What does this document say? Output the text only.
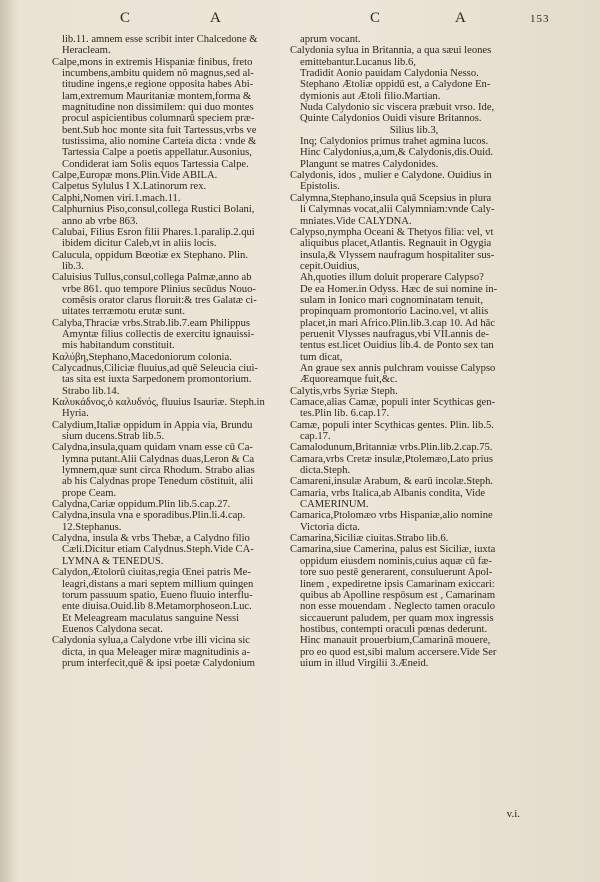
C	A	C	A	153

lib.11. amnem esse scribit inter Chalcedone &

Heracleam.

Calpe,mons in extremis Hispaniæ finibus, freto

incumbens,ambitu quidem nõ magnus,sed al-

titudine ingens,e regione opposita habes Abi-

lam,extremum Mauritaniæ montem,forma &

magnitudine non dissimilem: qui duo montes

procul aspicientibus columnarū speciem præ-

bent.Sub hoc monte sita fuit Tartessus,vrbs ve

tustissima, alio nomine Carteia dicta : vnde &

Tartessia Calpe a poetis appellatur.Ausonius,

Condiderat iam Solis equos Tartessia Calpe.

Calpe,Europæ mons.Plin.Vide ABILA.

Calpetus Sylulus I X.Latinorum rex.

Calphi,Nomen viri.1.mach.11.

Calphurnius Piso,consul,collega Rustici Bolani,

anno ab vrbe 863.

Calubai, Filius Esron filii Phares.1.paralip.2.qui

ibidem dicitur Caleb,vt in aliis locis.

Calucula, oppidum Bœotiæ ex Stephano. Plin.

lib.3.

Caluisius Tullus,consul,collega Palmæ,anno ab

vrbe 861. quo tempore Plinius secūdus Nouo-

comēsis orator clarus floruit:& tres Galatæ ci-

uitates terræmotu erutæ sunt.

Calyba,Thraciæ vrbs.Strab.lib.7.eam Philippus

Amyntæ filius collectis de exercitu ignauissi-

mis habitandum constituit.

Καλύβη,Stephano,Macedoniorum colonia.

Calycadnus,Ciliciæ fluuius,ad quē Seleucia ciui-

tas sita est iuxta Sarpedonem promontorium.

Strabo lib.14.

Καλυκάδνος,ὁ καλυδνός, fluuius Isauriæ. Steph.in

Hyria.

Calydium,Italiæ oppidum in Appia via, Brundu

sium ducens.Strab lib.5.

Calydna,insula,quam quidam vnam esse cū Ca-

lymna putant.Alii Calydnas duas,Leron & Ca

lymnem,quæ sunt circa Rhodum. Strabo alias

ab his Calydnas prope Tenedum cōstituit, alii

prope Ceam.

Calydna,Cariæ oppidum.Plin lib.5.cap.27.

Calydna,insula vna e sporadibus.Plin.li.4.cap.

12.Stephanus.

Calydna, insula & vrbs Thebæ, a Calydno filio

Cæli.Dicitur etiam Calydnus.Steph.Vide CA-

LYMNA & TENEDUS.

Calydon,Ætolorū ciuitas,regia Œnei patris Me-

leagri,distans a mari septem millium quingen

torum passuum spatio, Eueno fluuio interflu-

ente diuisa.Ouid.lib 8.Metamorphoseon.Luc.

Et Meleagream maculatus sanguine Nessi

Euenos Calydona secat.

Calydonia sylua,a Calydone vrbe illi vicina sic

dicta, in qua Meleager miræ magnitudinis a-

prum interfecit,quē & ipsi poetæ Calydonium

aprum vocant.

Calydonia sylua in Britannia, a qua sæui leones

emittebantur.Lucanus lib.6,

Tradidit Aonio pauidam Calydonia Nesso.

Stephano Ætoliæ oppidū est, a Calydone En-

dymionis aut Ætoli filio.Martian.

Nuda Calydonio sic viscera præbuit vrso. Ide,

Quinte Calydonios Ouidi visure Britannos.

Silius lib.3,

Inq; Calydonios primus trahet agmina lucos.

Hinc Calydonius,a,um,& Calydonis,dis.Ouid.

Plangunt se matres Calydonides.

Calydonis, idos , mulier e Calydone. Ouidius in

Epistolis.

Calymna,Stephano,insula quā Scepsius in plura

li Calymnas vocat,alii Calymniam:vnde Caly-

mniates.Vide CALYDNA.

Calypso,nympha Oceani & Thetyos filia: vel, vt

aliquibus placet,Atlantis. Regnauit in Ogygia

insula,& Vlyssem naufragum hospitaliter sus-

cepit.Ouidius,

Ah,quoties illum doluit properare Calypso?

De ea Homer.in Odyss. Hæc de sui nomine in-

sulam in Ionico mari cognominatam tenuit,

propinquam promontorio Lacino.vel, vt aliis

placet,in mari Africo.Plin.lib.3.cap 10. Ad hāc

peruenit Vlysses naufragus,vbi VII.annis de-

tentus est.licet Ouidius lib.4. de Ponto sex tan

tum dicat,

An graue sex annis pulchram vouisse Calypso

Æquoreamque fuit,&c.

Calytis,vrbs Syriæ Steph.

Camace,alias Camæ, populi inter Scythicas gen-

tes.Plin lib. 6.cap.17.

Camæ, populi inter Scythicas gentes. Plin. lib.5.

cap.17.

Camalodunum,Britanniæ vrbs.Plin.lib.2.cap.75.

Camara,vrbs Cretæ insulæ,Ptolemæo,Lato prius

dicta.Steph.

Camareni,insulæ Arabum, & earū incolæ.Steph.

Camaria, vrbs Italica,ab Albanis condita, Vide

CAMERINUM.

Camarica,Ptolomæo vrbs Hispaniæ,alio nomine

Victoria dicta.

Camarina,Siciliæ ciuitas.Strabo lib.6.

Camarina,siue Camerina, palus est Siciliæ, iuxta

oppidum eiusdem nominis,cuius aquæ cū fæ-

tore suo pestē generarent, consuluerunt Apol-

linem , expediretne ipsis Camarinam exiccari:

quibus ab Apolline respōsum est , Camarinam

non esse mouendam . Neglecto tamen oraculo

siccauerunt paludem, per quam mox ingressis

hostibus, contempti oraculi pœnas dederunt.

Hinc manauit prouerbium,Camarinā mouere,

pro eo quod est,sibi malum accersere.Vide Ser

uium in illud Virgilii 3.Æneid.

v.i.
